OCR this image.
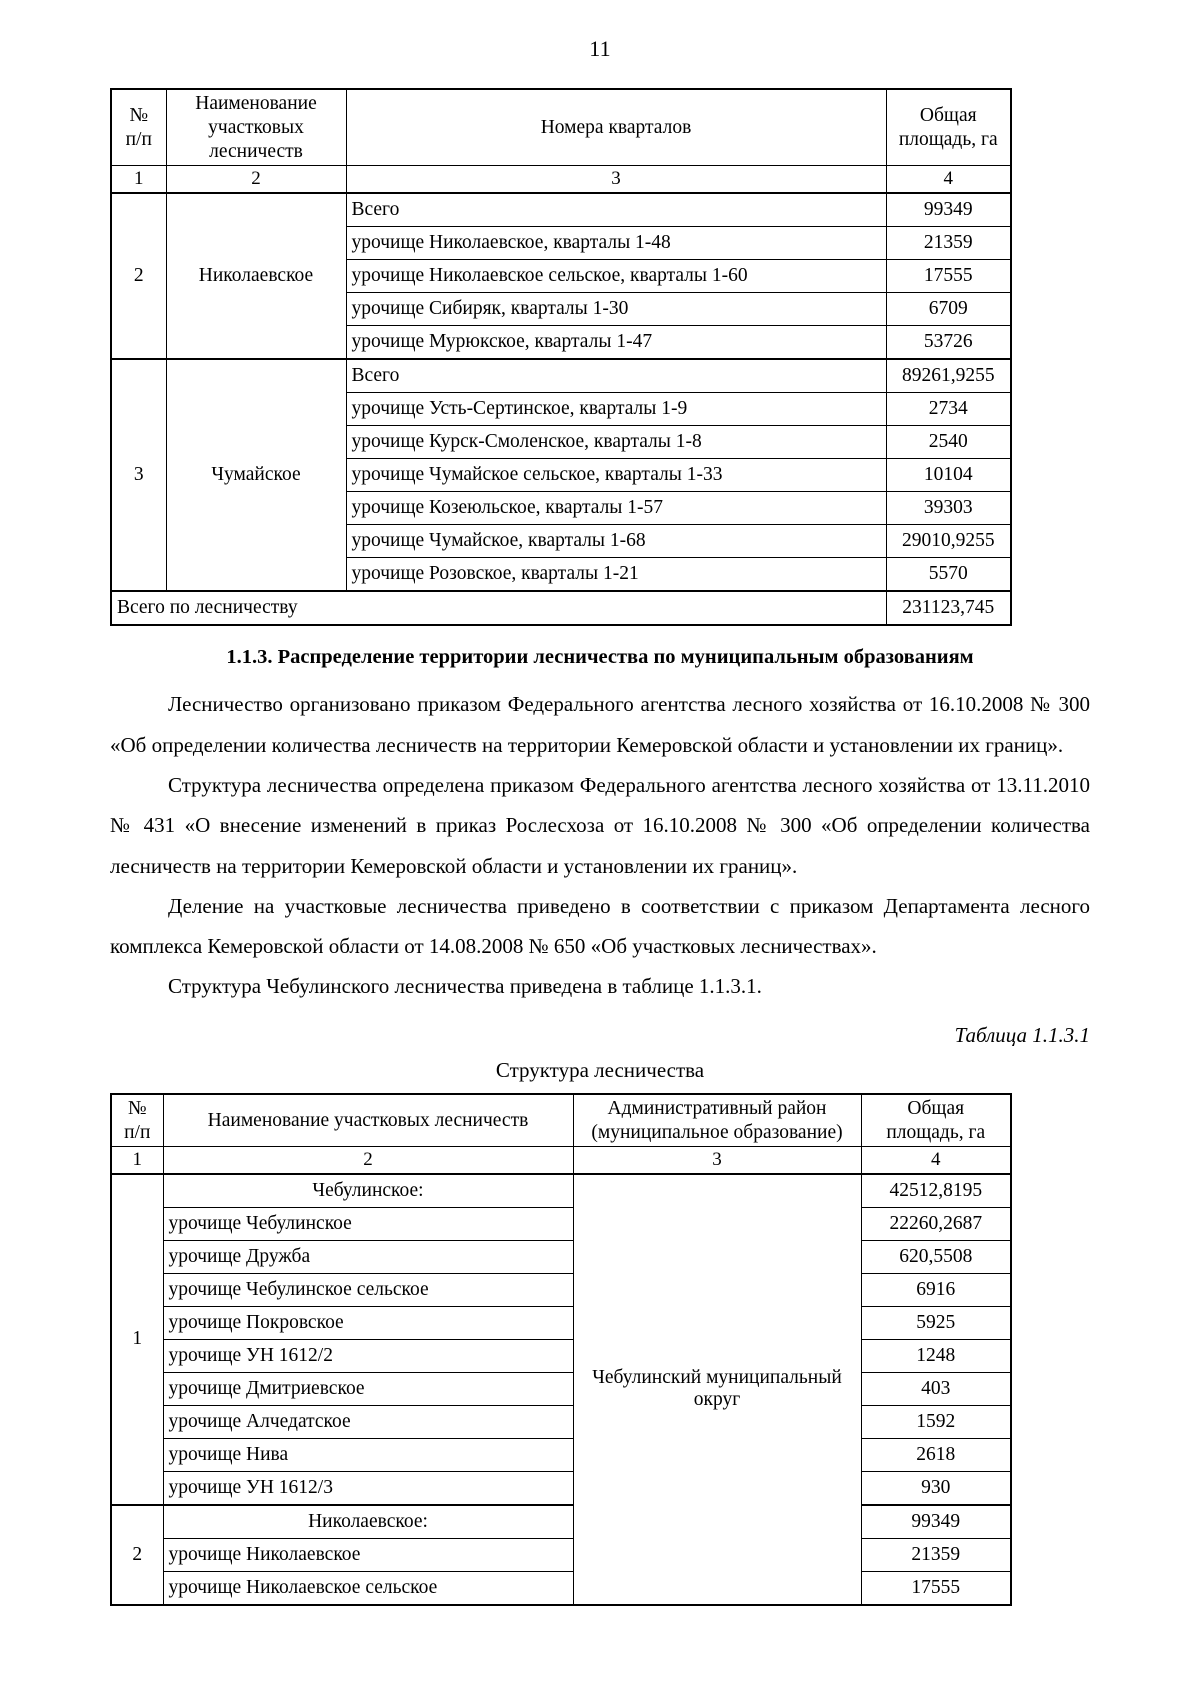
11
№
п/п

Наименование
участковых
лесничеств
	Номера кварталов	
Общая
площадь, га

1	2	3	4
2	Николаевское	Всего	99349
		урочище Николаевское, кварталы 1-48	21359
		урочище Николаевское сельское, кварталы 1-60	17555
		урочище Сибиряк, кварталы 1-30	6709
		урочище Мурюкское, кварталы 1-47	53726
3	Чумайское	Всего	89261,9255
		урочище Усть-Сертинское, кварталы 1-9	2734
		урочище Курск-Смоленское, кварталы 1-8	2540
		урочище Чумайское сельское, кварталы 1-33	10104
		урочище Козеюльское, кварталы 1-57	39303
		урочище Чумайское, кварталы 1-68	29010,9255
		урочище Розовское, кварталы 1-21	5570
Всего по лесничеству			231123,745
1.1.3. Распределение территории лесничества по муниципальным образованиям

Лесничество организовано приказом Федерального агентства лесного хозяйства от 16.10.2008 № 300 «Об определении количества лесничеств на территории Кемеровской области и установлении их границ».

Структура лесничества определена приказом Федерального агентства лесного хозяйства от 13.11.2010 № 431 «О внесение изменений в приказ Рослесхоза от 16.10.2008 № 300 «Об определении количества лесничеств на территории Кемеровской области и установлении их границ».

Деление на участковые лесничества приведено в соответствии с приказом Департамента лесного комплекса Кемеровской области от 14.08.2008 № 650 «Об участковых лесничествах».

Структура Чебулинского лесничества приведена в таблице 1.1.3.1.

Таблица 1.1.3.1
Структура лесничества
№
п/п
	Наименование участковых лесничеств	
Административный район
(муниципальное образование)
	Общая площадь, га
1	2	3	4
1	Чебулинское:	Чебулинский муниципальный округ	42512,8195
	урочище Чебулинское		22260,2687
	урочище Дружба		620,5508
	урочище Чебулинское сельское		6916
	урочище Покровское		5925
	урочище УН 1612/2		1248
	урочище Дмитриевское		403
	урочище Алчедатское		1592
	урочище Нива		2618
	урочище УН 1612/3		930
2	Николаевское:		99349
	урочище Николаевское		21359
	урочище Николаевское сельское		17555
